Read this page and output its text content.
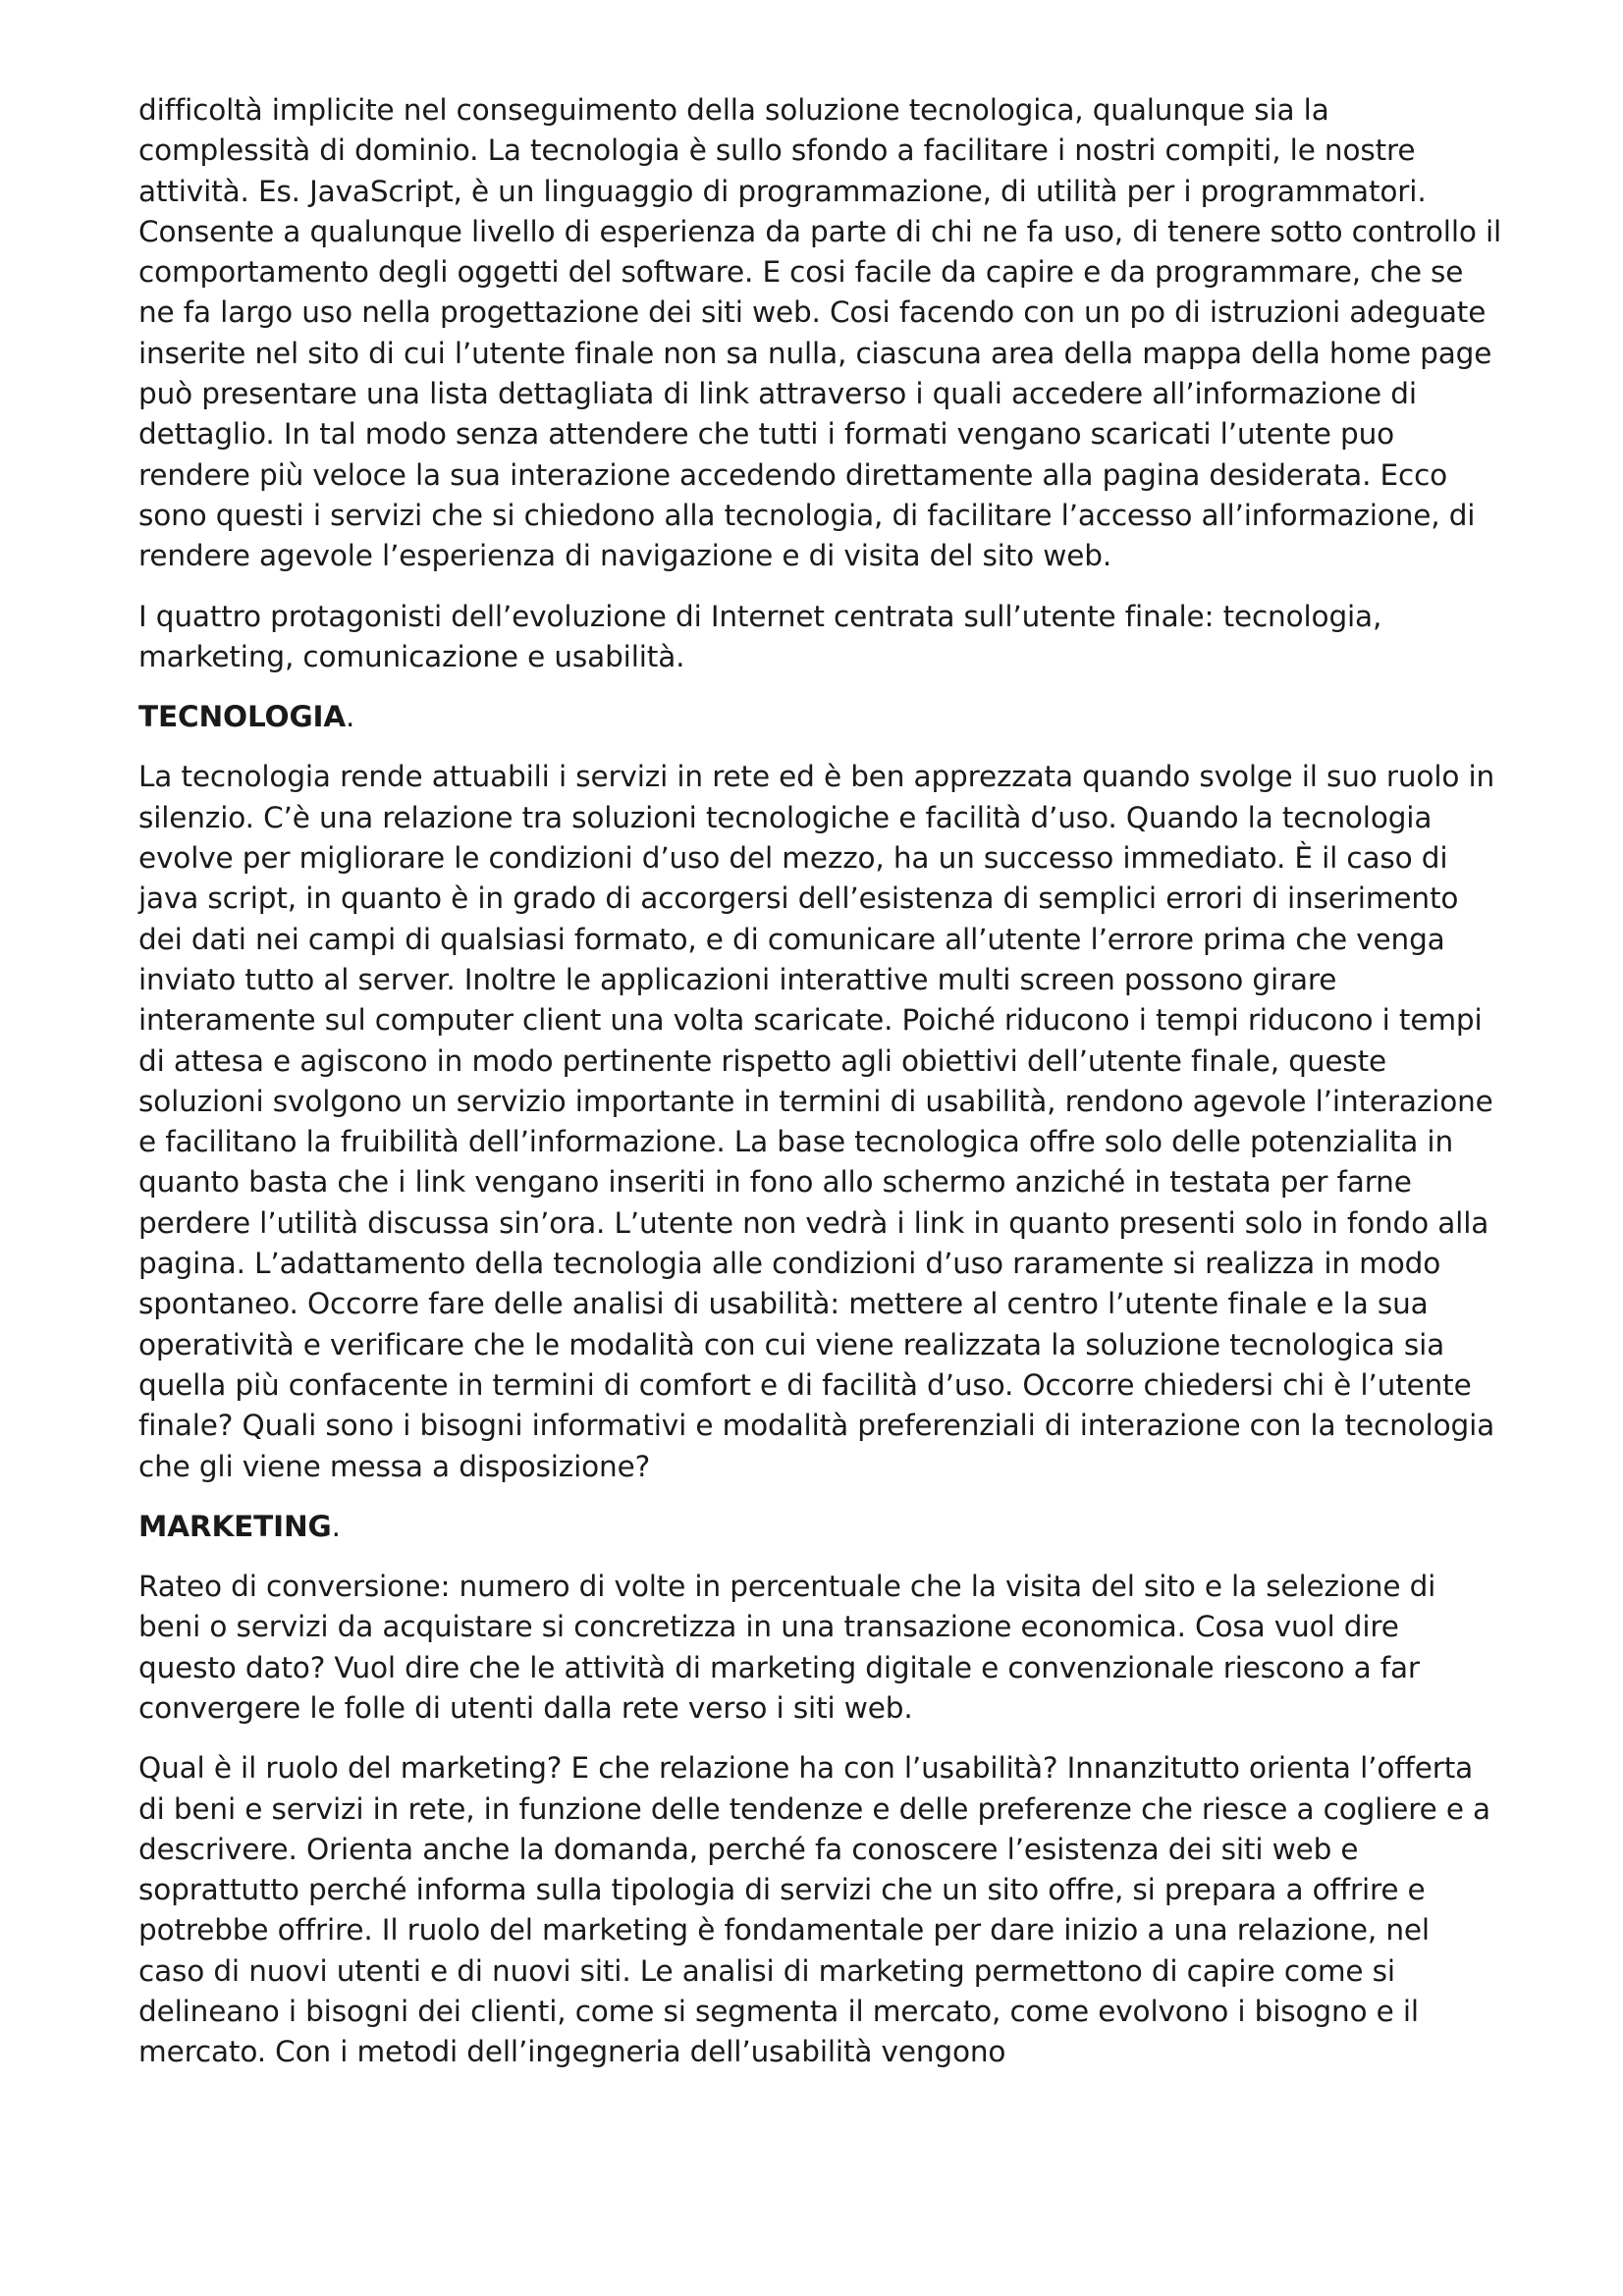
difficoltà implicite nel conseguimento della soluzione tecnologica, qualunque sia la complessità di dominio. La tecnologia è sullo sfondo a facilitare i nostri compiti, le nostre attività. Es. JavaScript, è un linguaggio di programmazione, di utilità per i programmatori. Consente a qualunque livello di esperienza da parte di chi ne fa uso, di tenere sotto controllo il comportamento degli oggetti del software. E cosi facile da capire e da programmare, che se ne fa largo uso nella progettazione dei siti web. Cosi facendo con un po di istruzioni adeguate inserite nel sito di cui l’utente finale non sa nulla, ciascuna area della mappa della home page può presentare una lista dettagliata di link attraverso i quali accedere all’informazione di dettaglio. In tal modo senza attendere che tutti i formati vengano scaricati l’utente puo rendere più veloce la sua interazione accedendo direttamente alla pagina desiderata. Ecco sono questi i servizi che si chiedono alla tecnologia, di facilitare l’accesso all’informazione, di rendere agevole l’esperienza di navigazione e di visita del sito web.

I quattro protagonisti dell’evoluzione di Internet centrata sull’utente finale: tecnologia, marketing, comunicazione e usabilità.

TECNOLOGIA.

La tecnologia rende attuabili i servizi in rete ed è ben apprezzata quando svolge il suo ruolo in silenzio. C’è una relazione tra soluzioni tecnologiche e facilità d’uso. Quando la tecnologia evolve per migliorare le condizioni d’uso del mezzo, ha un successo immediato. È il caso di java script, in quanto è in grado di accorgersi dell’esistenza di semplici errori di inserimento dei dati nei campi di qualsiasi formato, e di comunicare all’utente l’errore prima che venga inviato tutto al server. Inoltre le applicazioni interattive multi screen possono girare interamente sul computer client una volta scaricate. Poiché riducono i tempi riducono i tempi di attesa e agiscono in modo pertinente rispetto agli obiettivi dell’utente finale, queste soluzioni svolgono un servizio importante in termini di usabilità, rendono agevole l’interazione e facilitano la fruibilità dell’informazione. La base tecnologica offre solo delle potenzialita in quanto basta che i link vengano inseriti in fono allo schermo anziché in testata per farne perdere l’utilità discussa sin’ora. L’utente non vedrà i link in quanto presenti solo in fondo alla pagina. L’adattamento della tecnologia alle condizioni d’uso raramente si realizza in modo spontaneo. Occorre fare delle analisi di usabilità: mettere al centro l’utente finale e la sua operatività e verificare che le modalità con cui viene realizzata la soluzione tecnologica sia quella più confacente in termini di comfort e di facilità d’uso. Occorre chiedersi chi è l’utente finale? Quali sono i bisogni informativi e modalità preferenziali di interazione con la tecnologia che gli viene messa a disposizione?

MARKETING.

Rateo di conversione: numero di volte in percentuale che la visita del sito e la selezione di beni o servizi da acquistare si concretizza in una transazione economica. Cosa vuol dire questo dato? Vuol dire che le attività di marketing digitale e convenzionale riescono a far convergere le folle di utenti dalla rete verso i siti web.

Qual è il ruolo del marketing? E che relazione ha con l’usabilità? Innanzitutto orienta l’offerta di beni e servizi in rete, in funzione delle tendenze e delle preferenze che riesce a cogliere e a descrivere. Orienta anche la domanda, perché fa conoscere l’esistenza dei siti web e soprattutto perché informa sulla tipologia di servizi che un sito offre, si prepara a offrire e potrebbe offrire. Il ruolo del marketing è fondamentale per dare inizio a una relazione, nel caso di nuovi utenti e di nuovi siti. Le analisi di marketing permettono di capire come si delineano i bisogni dei clienti, come si segmenta il mercato, come evolvono i bisogno e il mercato. Con i metodi dell’ingegneria dell’usabilità vengono
